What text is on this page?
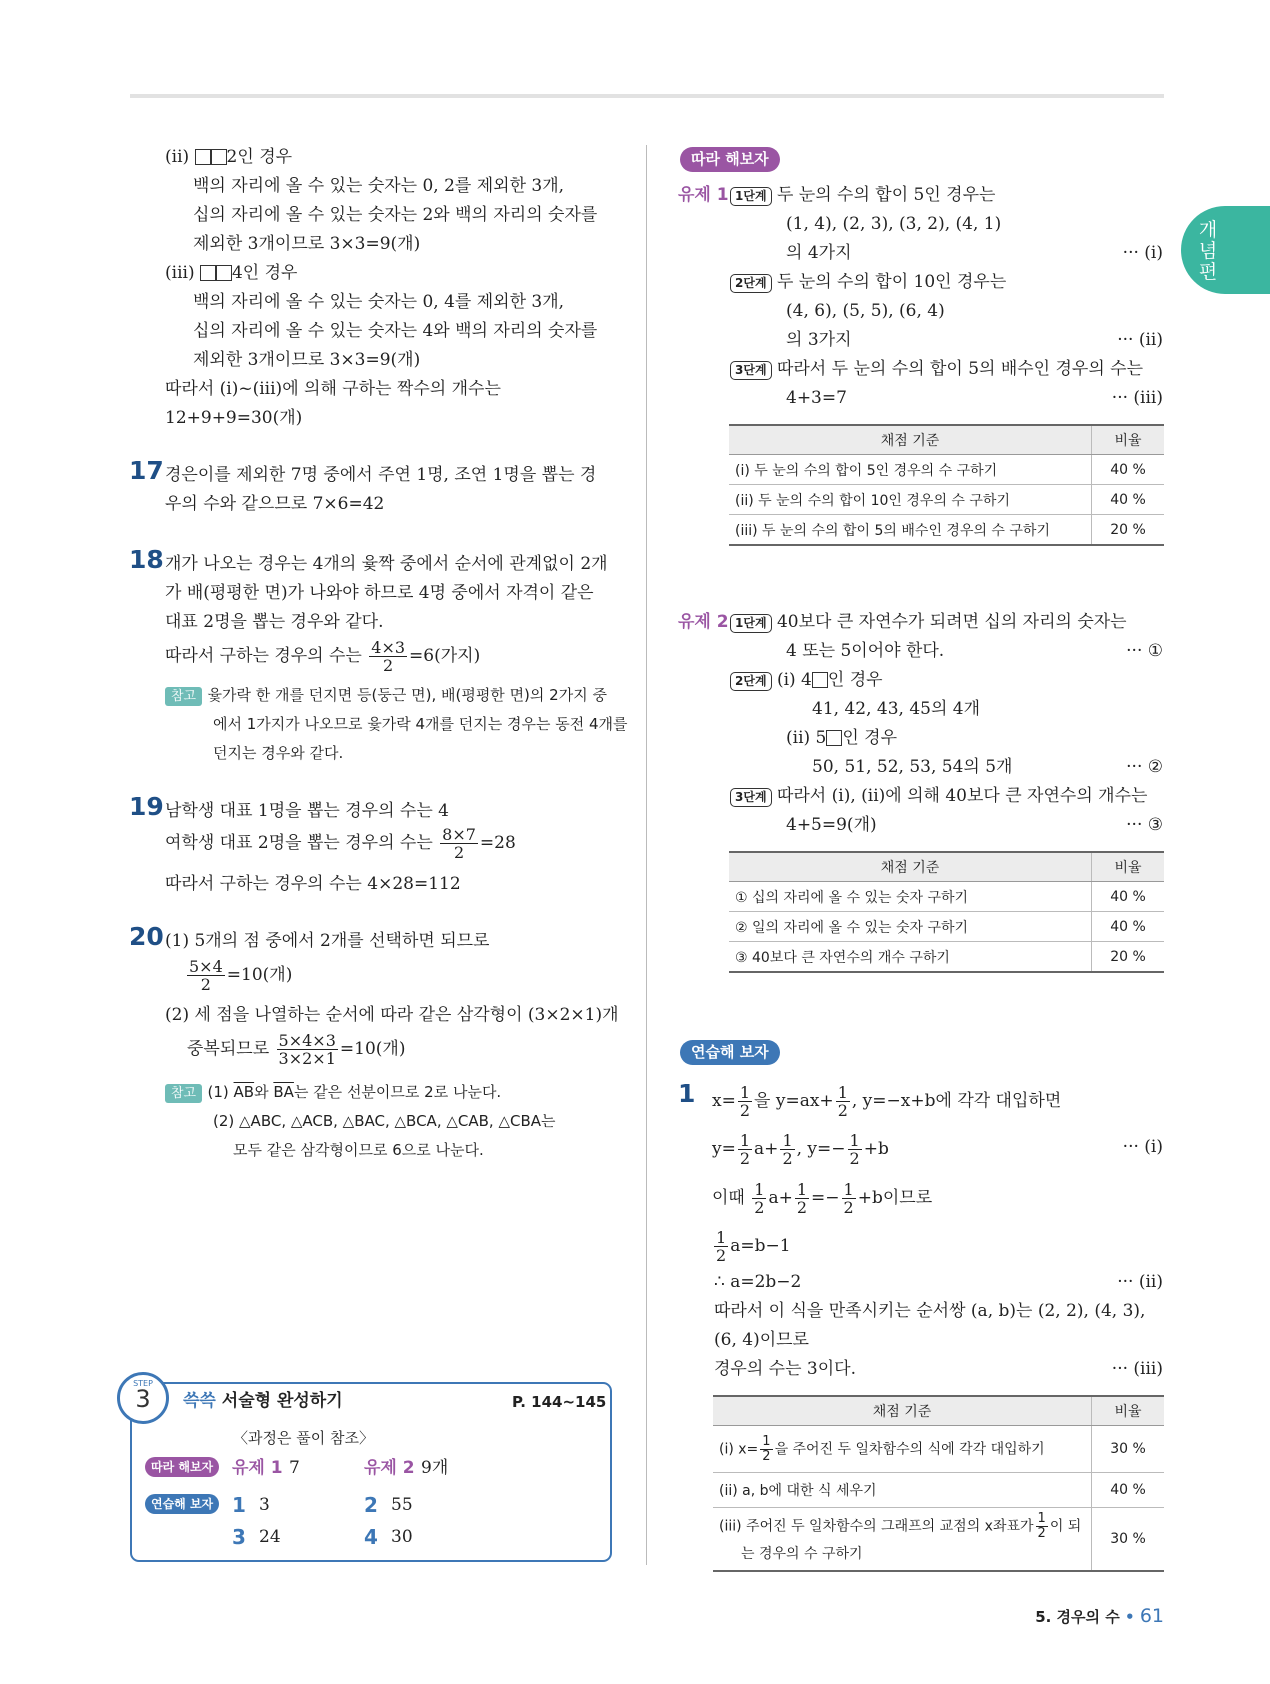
개
념
편
(ii) 2인 경우
백의 자리에 올 수 있는 숫자는 0, 2를 제외한 3개,
십의 자리에 올 수 있는 숫자는 2와 백의 자리의 숫자를
제외한 3개이므로 3×3=9(개)
(iii) 4인 경우
백의 자리에 올 수 있는 숫자는 0, 4를 제외한 3개,
십의 자리에 올 수 있는 숫자는 4와 백의 자리의 숫자를
제외한 3개이므로 3×3=9(개)
따라서 (i)~(iii)에 의해 구하는 짝수의 개수는
12+9+9=30(개)
17 경은이를 제외한 7명 중에서 주연 1명, 조연 1명을 뽑는 경
우의 수와 같으므로 7×6=42
18 개가 나오는 경우는 4개의 윷짝 중에서 순서에 관계없이 2개
가 배(평평한 면)가 나와야 하므로 4명 중에서 자격이 같은
대표 2명을 뽑는 경우와 같다.
따라서 구하는 경우의 수는 $\frac{4\times 3}{2} =6$(가지)
참고 윷가락 한 개를 던지면 등(둥근 면), 배(평평한 면)의 2가지 중
에서 1가지가 나오므로 윷가락 4개를 던지는 경우는 동전 4개를
던지는 경우와 같다.
19 남학생 대표 1명을 뽑는 경우의 수는 4
여학생 대표 2명을 뽑는 경우의 수는 $\frac{8\times 7}{2} =28$
따라서 구하는 경우의 수는 4×28=112
20 (1) 5개의 점 중에서 2개를 선택하면 되므로
$\frac{5\times 4}{2} =10$(개)
(2) 세 점을 나열하는 순서에 따라 같은 삼각형이 (3×2×1)개
중복되므로 $\frac{5\times 4\times 3}{3\times 2\times 1} =10$(개)
참고 (1) $\overline{AB}$와 $\overline{BA}$는 같은 선분이므로 2로 나눈다.
(2) △ABC, △ACB, △BAC, △BCA, △CAB, △CBA는
모두 같은 삼각형이므로 6으로 나눈다.
STEP
3	쓱쓱 서술형 완성하기	P. 144~145
〈과정은 풀이 참조〉
따라 해보자	유제 1 7	유제 2 9개
연습해 보자 1 3	2 55
3 24	4 30
따라 해보자
유제 1 1단계 두 눈의 수의 합이 5인 경우는
(1, 4), (2, 3), (3, 2), (4, 1)
의 4가지	··· (i)
2단계 두 눈의 수의 합이 10인 경우는
(4, 6), (5, 5), (6, 4)
의 3가지	··· (ii)
3단계 따라서 두 눈의 수의 합이 5의 배수인 경우의 수는
4+3=7	··· (iii)
채점 기준	비율
(i) 두 눈의 수의 합이 5인 경우의 수 구하기	40 %
(ii) 두 눈의 수의 합이 10인 경우의 수 구하기	40 %
(iii) 두 눈의 수의 합이 5의 배수인 경우의 수 구하기	20 %
유제 2 1단계 40보다 큰 자연수가 되려면 십의 자리의 숫자는
4 또는 5이어야 한다.	··· ①
2단계 (i) 4 인 경우
41, 42, 43, 45의 4개
(ii) 5 인 경우
50, 51, 52, 53, 54의 5개	··· ②
3단계 따라서 (i), (ii)에 의해 40보다 큰 자연수의 개수는
4+5=9(개)	··· ③
채점 기준	비율
① 십의 자리에 올 수 있는 숫자 구하기	40 %
② 일의 자리에 올 수 있는 숫자 구하기	40 %
③ 40보다 큰 자연수의 개수 구하기	20 %
연습해 보자
1 $x= \frac{1}{2}$ 을 $y=ax+ \frac{1}{2}$ , y=−x+b에 각각 대입하면
$y= \frac{1}{2} a+ \frac{1}{2}$ , $y=- \frac{1}{2} +b$	··· (i)
이때 $\frac{1}{2} a+ \frac{1}{2} =- \frac{1}{2} +b$이므로
$\frac{1}{2} a=b-1$
∴ a=2b−2	··· (ii)
따라서 이 식을 만족시키는 순서쌍 (a, b)는 (2, 2), (4, 3),
(6, 4)이므로
경우의 수는 3이다.	··· (iii)
채점 기준	비율
(i) $x= \frac{1}{2}$ 을 주어진 두 일차함수의 식에 각각 대입하기	30 %
(ii) a, b에 대한 식 세우기	40 %
(iii) 주어진 두 일차함수의 그래프의 교점의 x좌표가 $\frac{1}{2}$ 이 되
는 경우의 수 구하기	30 %
5. 경우의 수 • 61
